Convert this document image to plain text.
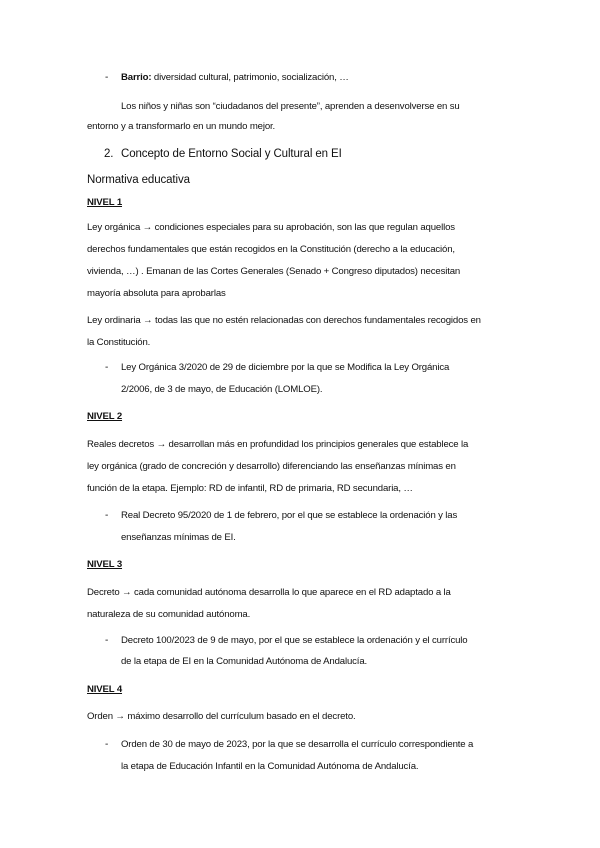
- Barrio: diversidad cultural, patrimonio, socialización, …
Los niños y niñas son “ciudadanos del presente”, aprenden a desenvolverse en su
entorno y a transformarlo en un mundo mejor.
2. Concepto de Entorno Social y Cultural en EI
Normativa educativa
NIVEL 1
Ley orgánica → condiciones especiales para su aprobación, son las que regulan aquellos
derechos fundamentales que están recogidos en la Constitución (derecho a la educación,
vivienda, …) . Emanan de las Cortes Generales (Senado + Congreso diputados) necesitan
mayoría absoluta para aprobarlas
Ley ordinaria → todas las que no estén relacionadas con derechos fundamentales recogidos en
la Constitución.
- Ley Orgánica 3/2020 de 29 de diciembre por la que se Modifica la Ley Orgánica
2/2006, de 3 de mayo, de Educación (LOMLOE).
NIVEL 2
Reales decretos → desarrollan más en profundidad los principios generales que establece la
ley orgánica (grado de concreción y desarrollo) diferenciando las enseñanzas mínimas en
función de la etapa. Ejemplo: RD de infantil, RD de primaria, RD secundaria, …
- Real Decreto 95/2020 de 1 de febrero, por el que se establece la ordenación y las
enseñanzas mínimas de EI.
NIVEL 3
Decreto → cada comunidad autónoma desarrolla lo que aparece en el RD adaptado a la
naturaleza de su comunidad autónoma.
- Decreto 100/2023 de 9 de mayo, por el que se establece la ordenación y el currículo
de la etapa de EI en la Comunidad Autónoma de Andalucía.
NIVEL 4
Orden → máximo desarrollo del currículum basado en el decreto.
- Orden de 30 de mayo de 2023, por la que se desarrolla el currículo correspondiente a
la etapa de Educación Infantil en la Comunidad Autónoma de Andalucía.
